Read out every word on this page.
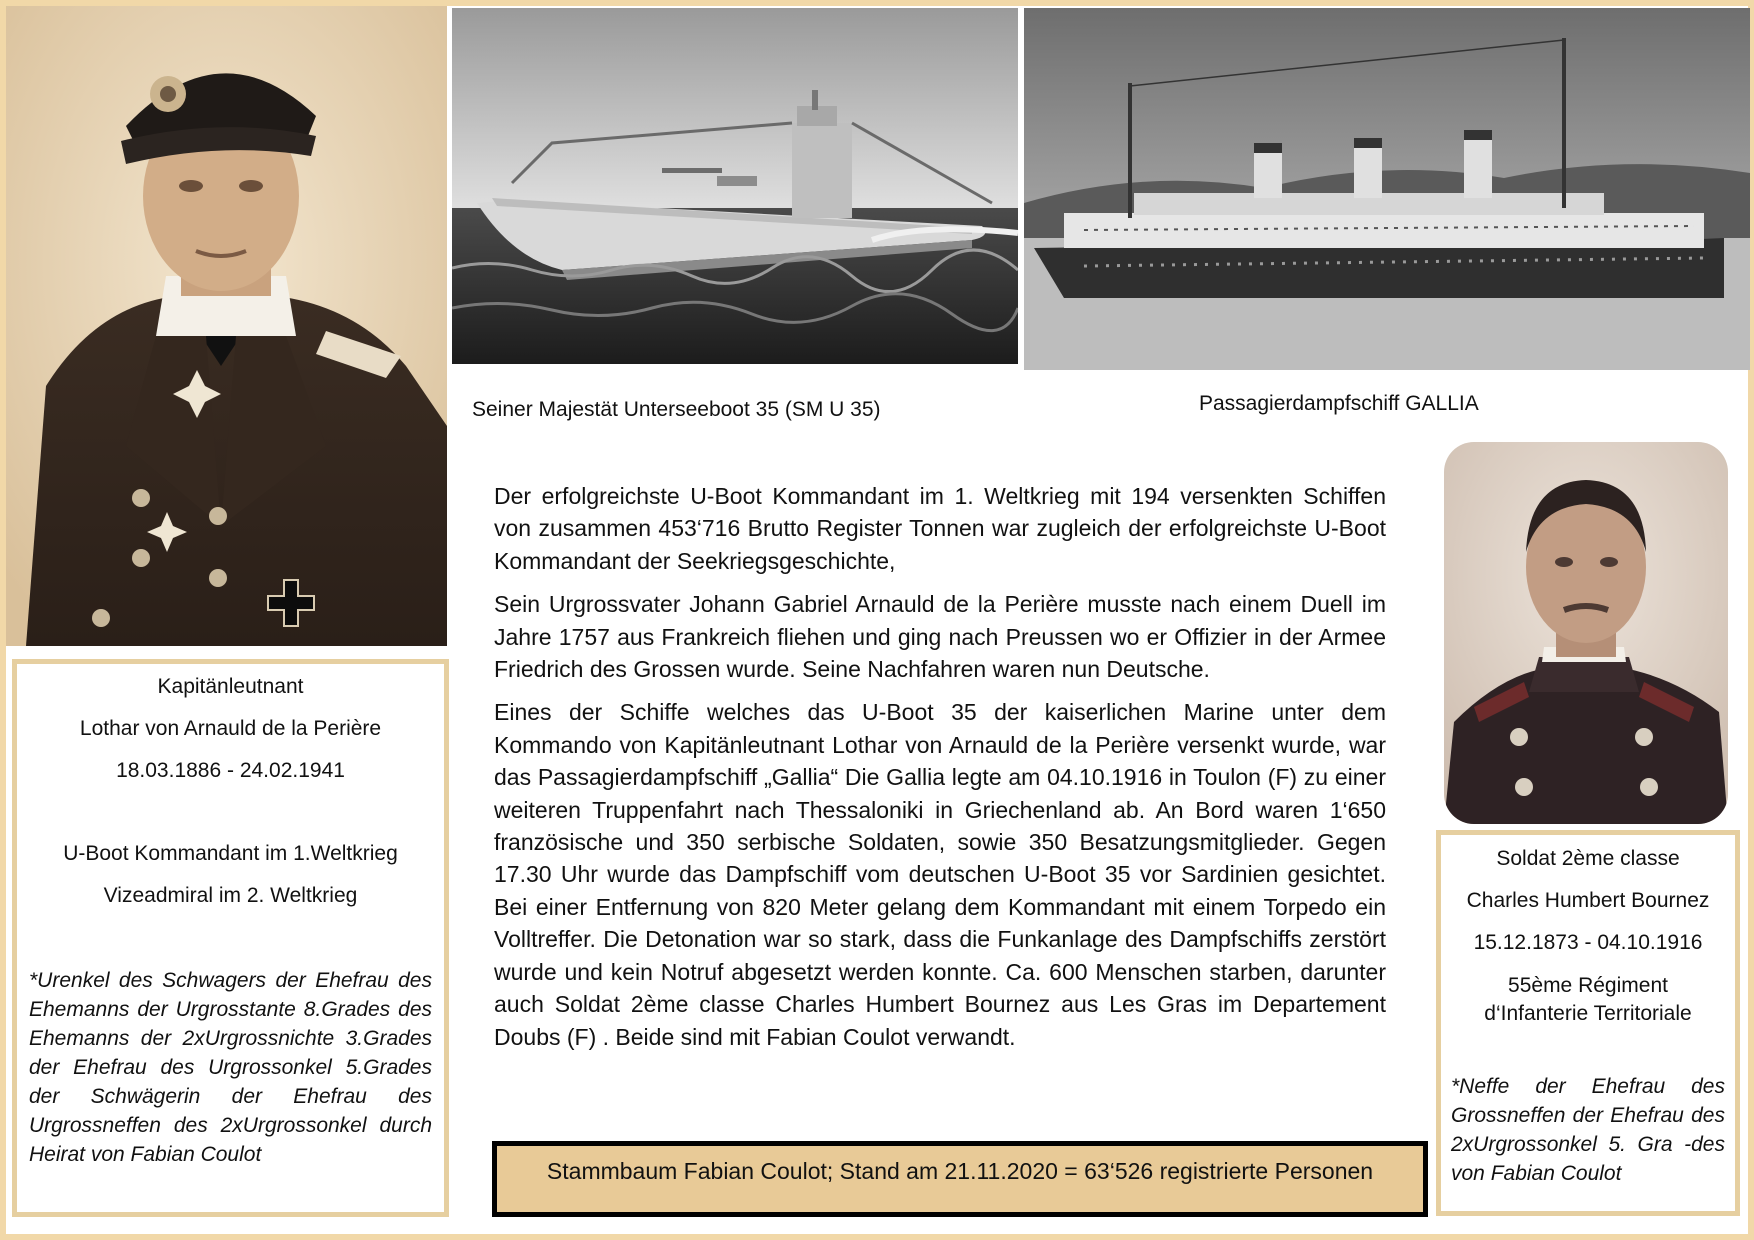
Seiner Majestät Unterseeboot 35 (SM U 35)	Passagierdampfschiff GALLIA
Kapitänleutnant
Lothar von Arnauld de la Perière
18.03.1886 - 24.02.1941
U-Boot Kommandant im 1.Weltkrieg
Vizeadmiral im 2. Weltkrieg
*Urenkel des Schwagers der Ehefrau des Ehemanns der Urgrosstante 8.Grades des Ehemanns der 2xUrgrossnichte 3.Grades der Ehefrau des Urgrossonkel 5.Grades der Schwägerin der Ehefrau des Urgrossneffen des 2xUrgrossonkel durch Heirat von Fabian Coulot
Soldat 2ème classe
Charles Humbert Bournez
15.12.1873 - 04.10.1916
55ème Régiment
d‘Infanterie Territoriale
*Neffe der Ehefrau des Grossneffen der Ehefrau des 2xUrgrossonkel 5. Gra -des von Fabian Coulot

Der erfolgreichste U-Boot Kommandant im 1. Weltkrieg mit 194 versenkten Schiffen von zusammen 453‘716 Brutto Register Tonnen war zugleich der erfolgreichste U-Boot Kommandant der Seekriegsgeschichte,

Sein Urgrossvater Johann Gabriel Arnauld de la Perière musste nach einem Duell im Jahre 1757 aus Frankreich fliehen und ging nach Preussen wo er Offizier in der Armee Friedrich des Grossen wurde. Seine Nachfahren waren nun Deutsche.

Eines der Schiffe welches das U-Boot 35 der kaiserlichen Marine unter dem Kommando von Kapitänleutnant Lothar von Arnauld de la Perière versenkt wurde, war das Passagierdampfschiff „Gallia“ Die Gallia legte am 04.10.1916 in Toulon (F) zu einer weiteren Truppenfahrt nach Thessaloniki in Griechenland ab. An Bord waren 1‘650 französische und 350 serbische Soldaten, sowie 350 Besatzungsmitglieder. Gegen 17.30 Uhr wurde das Dampfschiff vom deutschen U-Boot 35 vor Sardinien gesichtet. Bei einer Entfernung von 820 Meter gelang dem Kommandant mit einem Torpedo ein Volltreffer. Die Detonation war so stark, dass die Funkanlage des Dampfschiffs zerstört wurde und kein Notruf abgesetzt werden konnte. Ca. 600 Menschen starben, darunter auch Soldat 2ème classe Charles Humbert Bournez aus Les Gras im Departement Doubs (F) . Beide sind mit Fabian Coulot verwandt.

Stammbaum Fabian Coulot; Stand am 21.11.2020 = 63‘526 registrierte Personen
